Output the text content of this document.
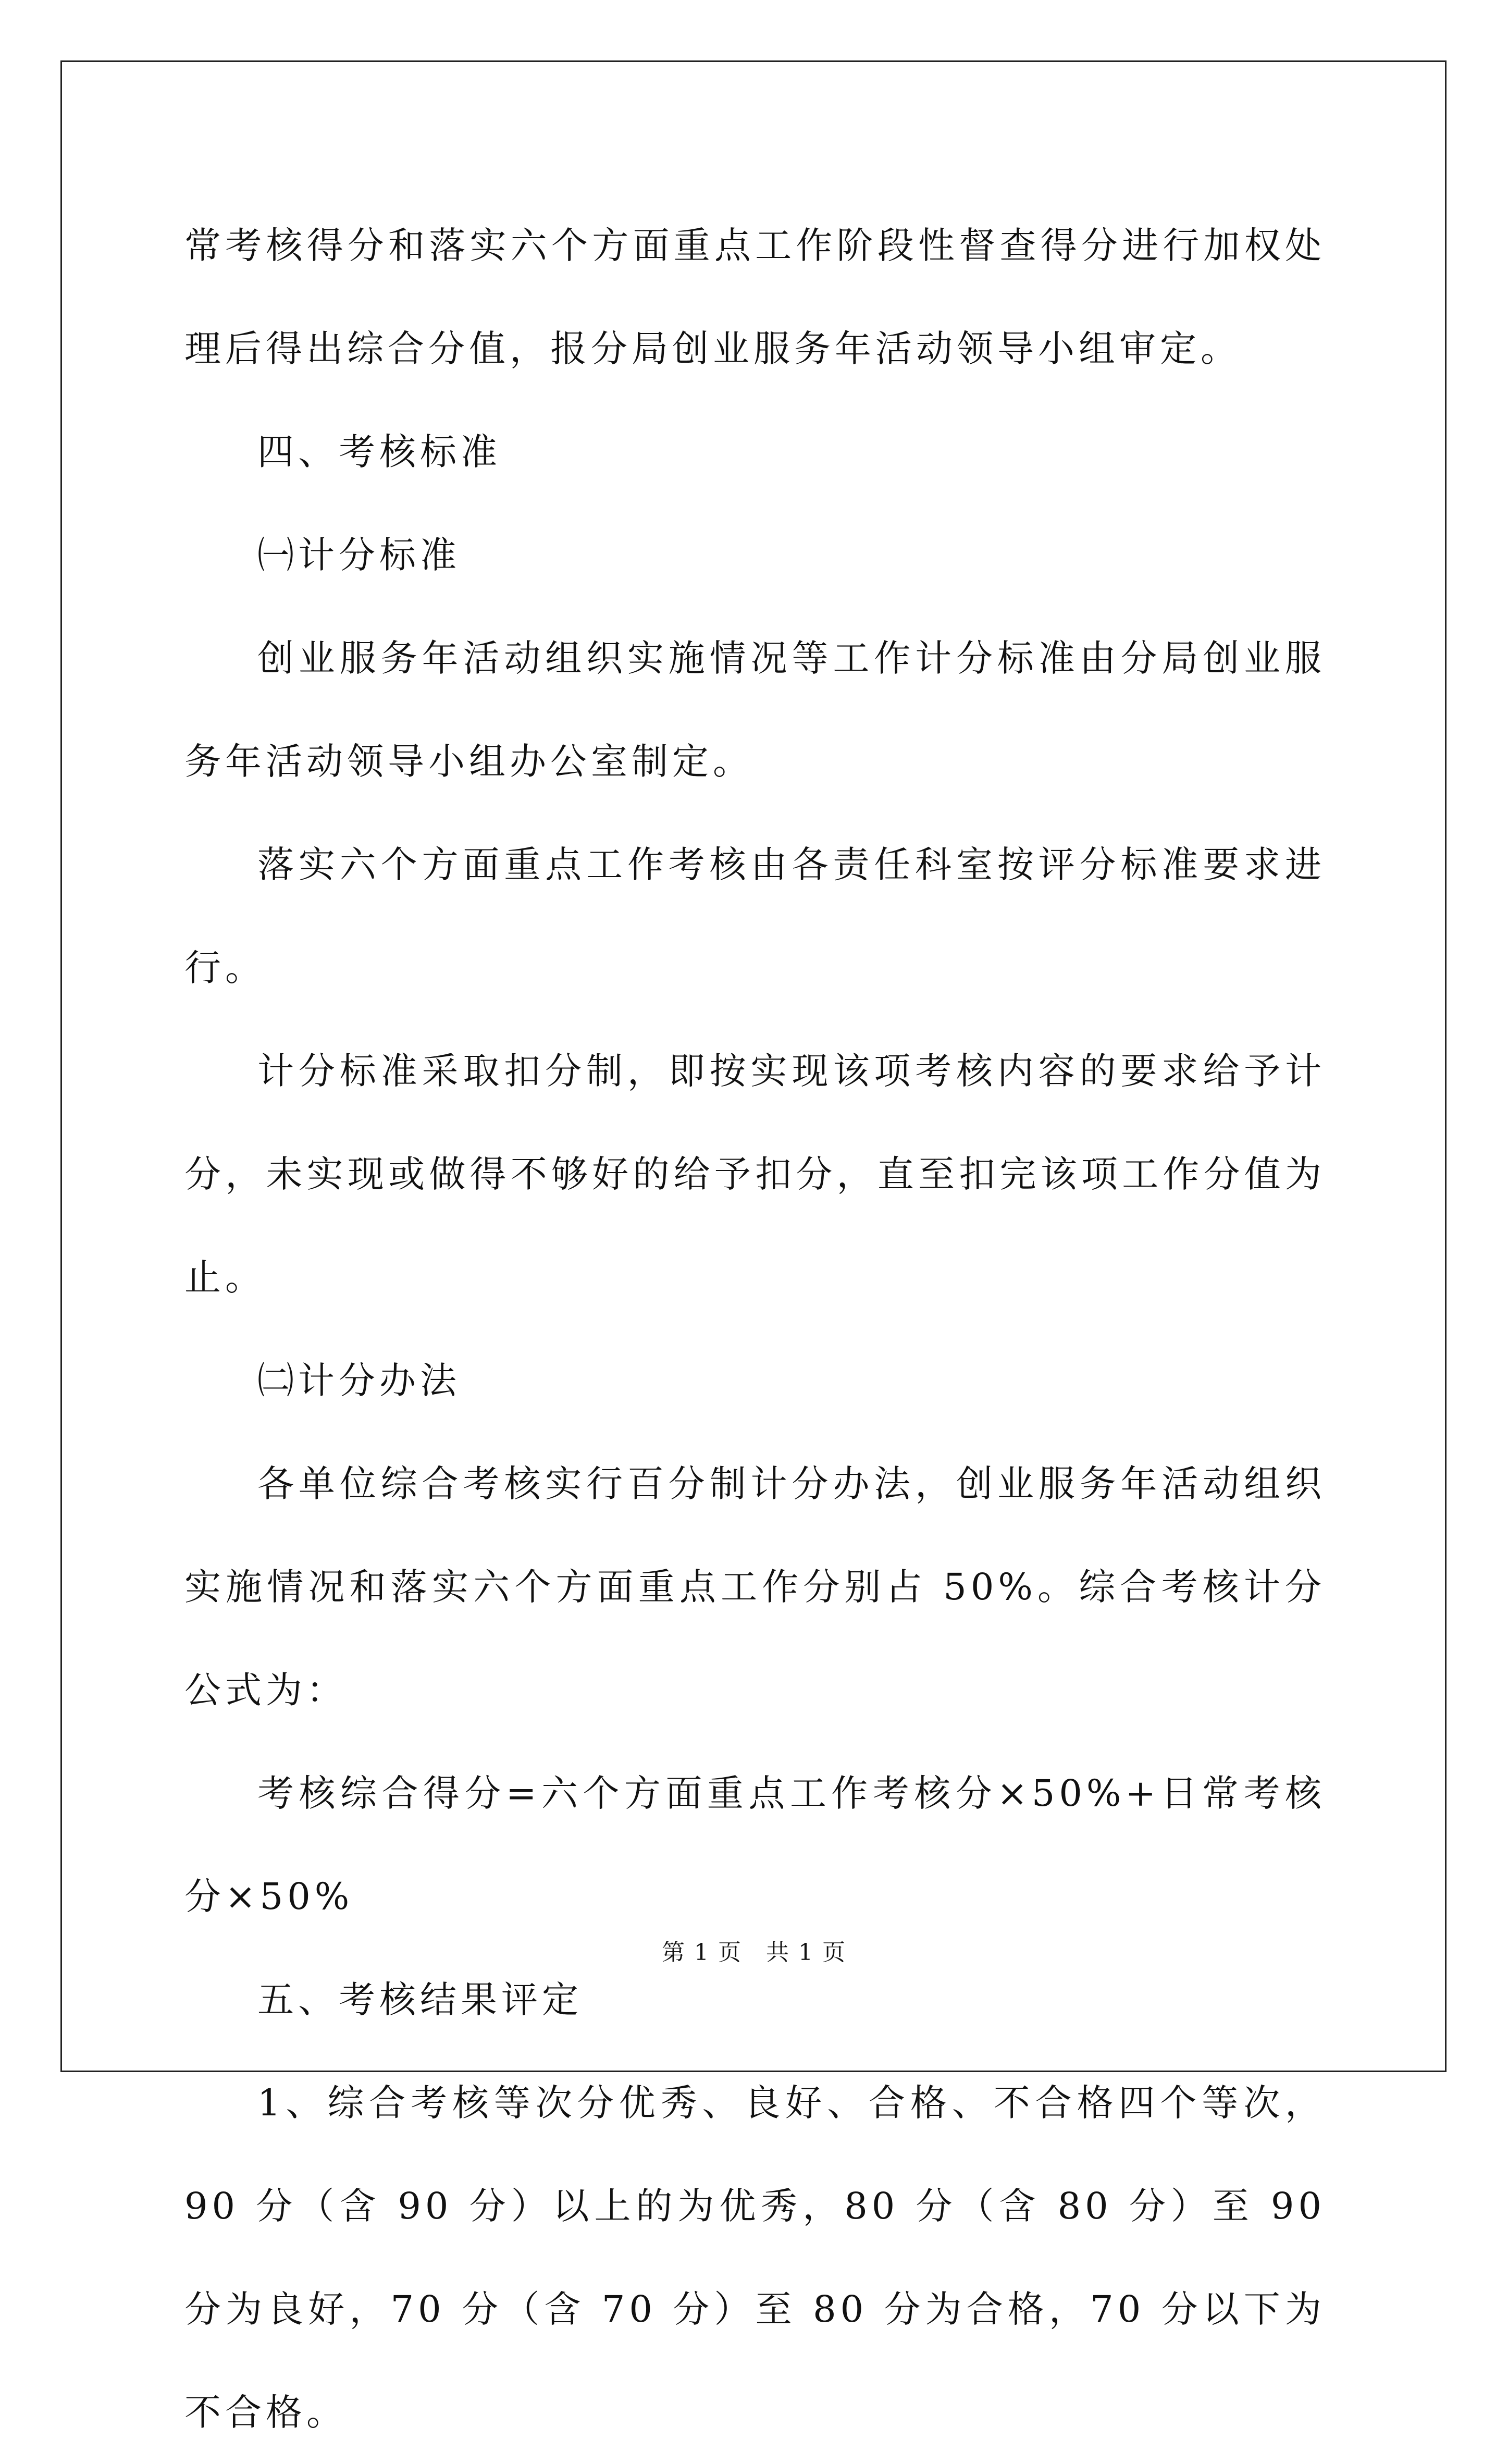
常考核得分和落实六个方面重点工作阶段性督查得分进行加权处理后得出综合分值，报分局创业服务年活动领导小组审定。

四、考核标准

㈠计分标准

创业服务年活动组织实施情况等工作计分标准由分局创业服务年活动领导小组办公室制定。

落实六个方面重点工作考核由各责任科室按评分标准要求进行。

计分标准采取扣分制，即按实现该项考核内容的要求给予计分，未实现或做得不够好的给予扣分，直至扣完该项工作分值为止。

㈡计分办法

各单位综合考核实行百分制计分办法，创业服务年活动组织实施情况和落实六个方面重点工作分别占 50%。综合考核计分公式为：

考核综合得分=六个方面重点工作考核分×50%+日常考核分×50%

五、考核结果评定

1、综合考核等次分优秀、良好、合格、不合格四个等次，90 分（含 90 分）以上的为优秀，80 分（含 80 分）至 90 分为良好，70 分（含 70 分）至 80 分为合格，70 分以下为不合格。

第 1 页　共 1 页
